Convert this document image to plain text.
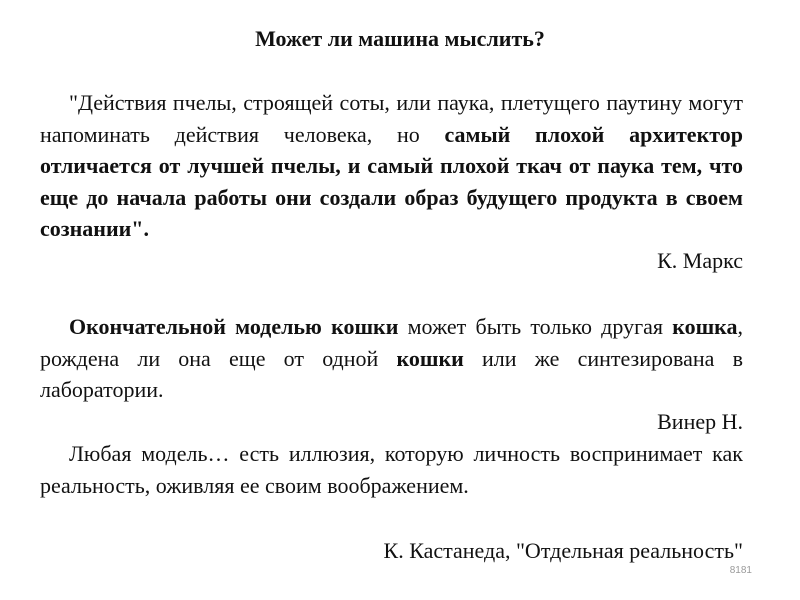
Может ли машина мыслить?
"Действия пчелы, строящей соты, или паука, плетущего паутину могут напоминать действия человека, но самый плохой архитектор отличается от лучшей пчелы, и самый плохой ткач от паука тем, что еще до начала работы они создали образ будущего продукта в своем сознании".
К. Маркс
Окончательной моделью кошки может быть только другая кошка, рождена ли она еще от одной кошки или же синтезирована в лаборатории.
Винер Н.
Любая модель… есть иллюзия, которую личность воспринимает как реальность, оживляя ее своим воображением.
К. Кастанеда, "Отдельная реальность"
8181
